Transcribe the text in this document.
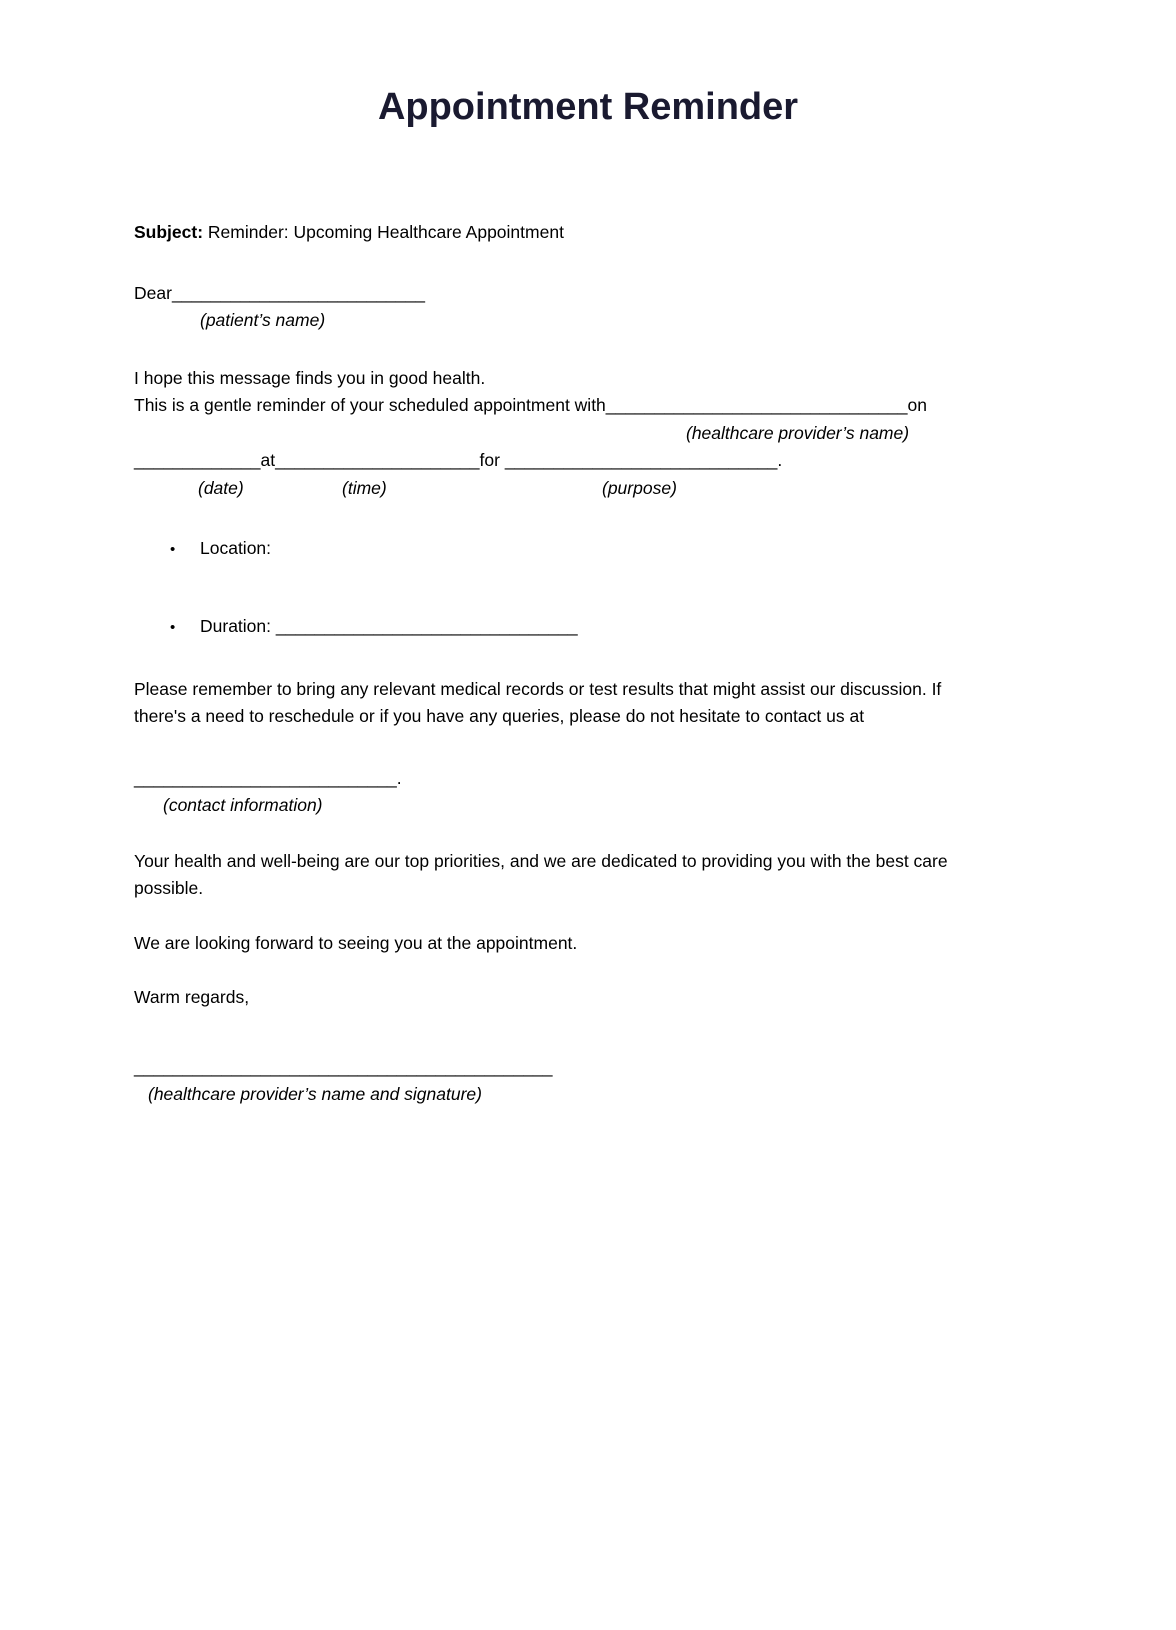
Appointment Reminder

Subject: Reminder: Upcoming Healthcare Appointment

Dear__________________________

(patient’s name)
I hope this message finds you in good health.
This is a gentle reminder of your scheduled appointment with_______________________________on
(healthcare provider’s name)
_____________at_____________________for ____________________________.
(date)	(time)	(purpose)
•	Location:
•	Duration: _______________________________
Please remember to bring any relevant medical records or test results that might assist our discussion. If
there's a need to reschedule or if you have any queries, please do not hesitate to contact us at
___________________________.
(contact information)

Your health and well-being are our top priorities, and we are dedicated to providing you with the best care possible.

We are looking forward to seeing you at the appointment.

Warm regards,

___________________________________________
(healthcare provider’s name and signature)
